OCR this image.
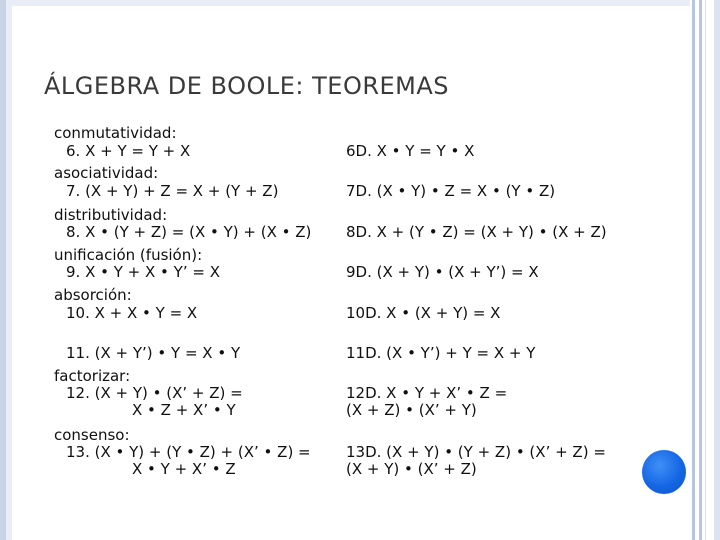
ÁLGEBRA DE BOOLE: TEOREMAS
conmutatividad:
6. X + Y = Y + X
asociatividad:
7. (X + Y) + Z = X + (Y + Z)
distributividad:
8. X • (Y + Z) = (X • Y) + (X • Z)
unificación (fusión):
9. X • Y + X • Y’ = X
absorción:
10. X + X • Y = X
11. (X + Y’) • Y = X • Y
factorizar:
12. (X + Y) • (X’ + Z) =
X • Z + X’ • Y
consenso:
13. (X • Y) + (Y • Z) + (X’ • Z) =
X • Y + X’ • Z
6D. X • Y = Y • X
7D. (X • Y) • Z = X • (Y • Z)
8D. X + (Y • Z) = (X + Y) • (X + Z)
9D. (X + Y) • (X + Y’) = X
10D. X • (X + Y) = X
11D. (X • Y’) + Y = X + Y
12D. X • Y + X’ • Z =
(X + Z) • (X’ + Y)
13D. (X + Y) • (Y + Z) • (X’ + Z) =
(X + Y) • (X’ + Z)
